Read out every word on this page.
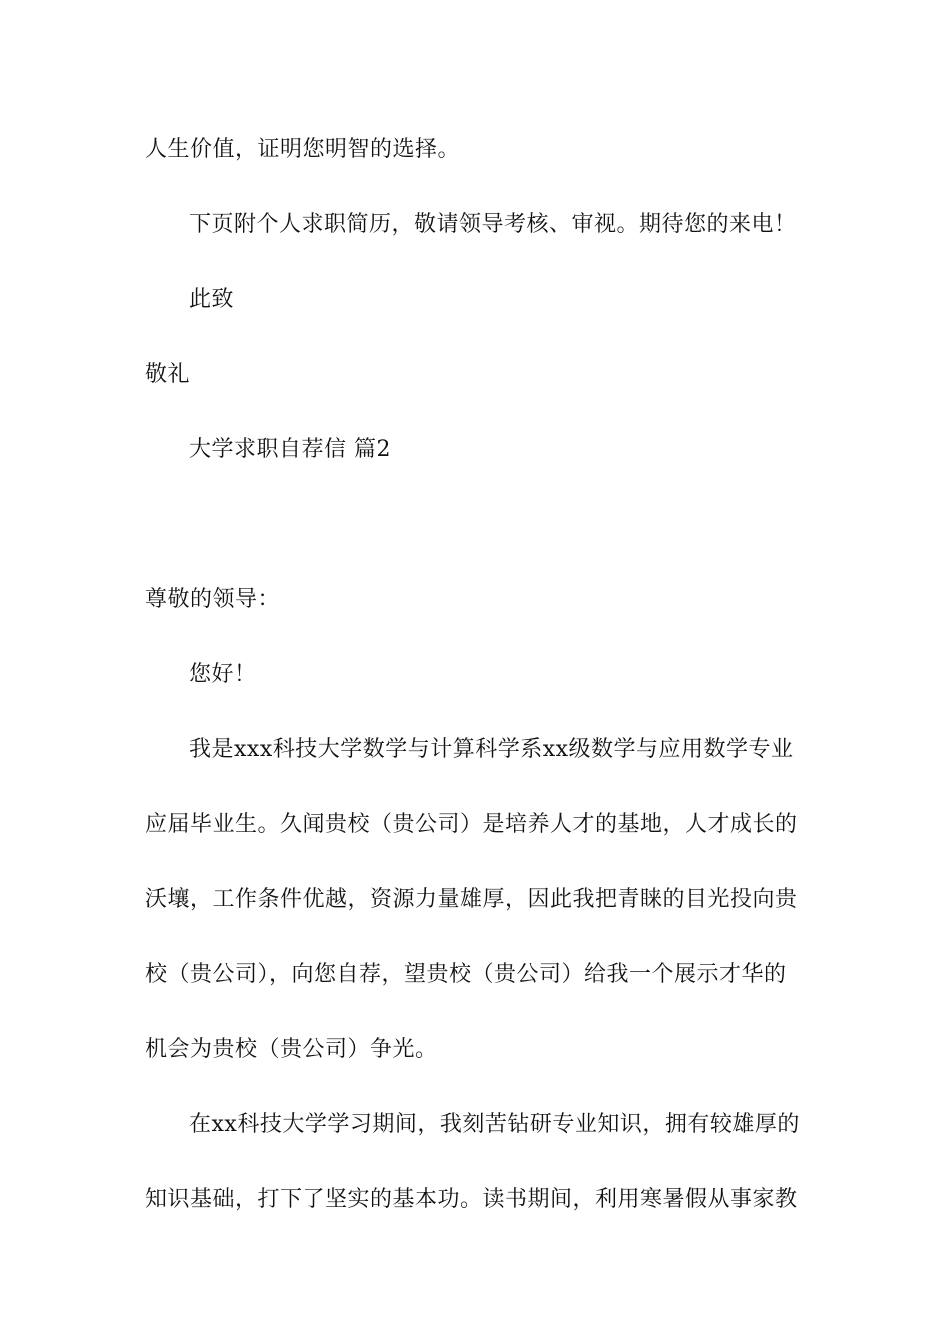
人生价值，证明您明智的选择。
下页附个人求职简历，敬请领导考核、审视。期待您的来电！
此致
敬礼
大学求职自荐信 篇2
尊敬的领导：
您好！
我是xxx科技大学数学与计算科学系xx级数学与应用数学专业
应届毕业生。久闻贵校（贵公司）是培养人才的基地，人才成长的
沃壤，工作条件优越，资源力量雄厚，因此我把青睐的目光投向贵
校（贵公司），向您自荐，望贵校（贵公司）给我一个展示才华的
机会为贵校（贵公司）争光。
在xx科技大学学习期间，我刻苦钻研专业知识，拥有较雄厚的
知识基础，打下了坚实的基本功。读书期间，利用寒暑假从事家教
